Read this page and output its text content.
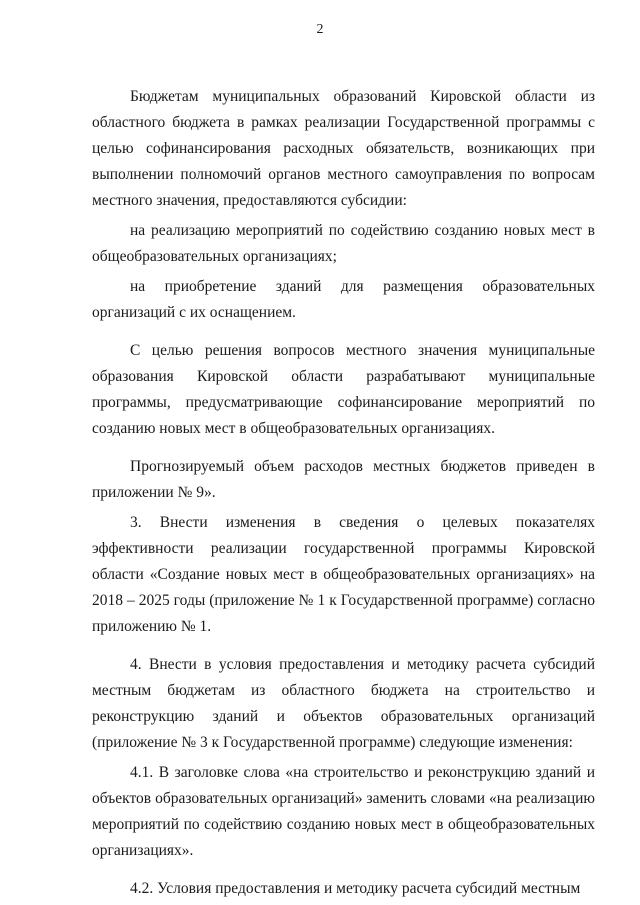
2

Бюджетам муниципальных образований Кировской области из областного бюджета в рамках реализации Государственной программы с целью софинансирования расходных обязательств, возникающих при выполнении полномочий органов местного самоуправления по вопросам местного значения, предоставляются субсидии:

на реализацию мероприятий по содействию созданию новых мест в общеобразовательных организациях;

на приобретение зданий для размещения образовательных организаций с их оснащением.

С целью решения вопросов местного значения муниципальные образования Кировской области разрабатывают муниципальные программы, предусматривающие софинансирование мероприятий по созданию новых мест в общеобразовательных организациях.

Прогнозируемый объем расходов местных бюджетов приведен в приложении № 9».

3. Внести изменения в сведения о целевых показателях эффективности реализации государственной программы Кировской области «Создание новых мест в общеобразовательных организациях» на 2018 – 2025 годы (приложение № 1 к Государственной программе) согласно приложению № 1.

4. Внести в условия предоставления и методику расчета субсидий местным бюджетам из областного бюджета на строительство и реконструкцию зданий и объектов образовательных организаций (приложение № 3 к Государственной программе) следующие изменения:

4.1. В заголовке слова «на строительство и реконструкцию зданий и объектов образовательных организаций» заменить словами «на реализацию мероприятий по содействию созданию новых мест в общеобразовательных организациях».

4.2. Условия предоставления и методику расчета субсидий местным
